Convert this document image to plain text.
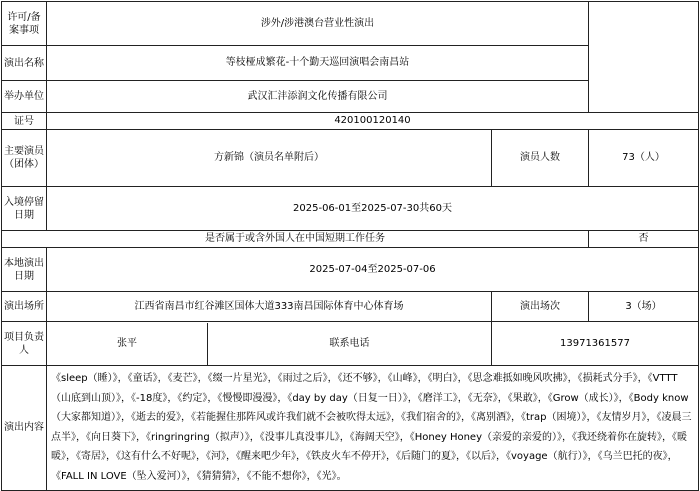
许可/备案事项	涉外/涉港澳台营业性演出		
演出名称	等枝桠成繁花-十个勤天巡回演唱会南昌站		
举办单位	武汉汇沣添润文化传播有限公司		
证号	420100120140		
主要演员（团体）	方新锦（演员名单附后）	演员人数	73（人）
入境停留日期	2025-06-01至2025-07-30共60天		
是否属于或含外国人在中国短期工作任务			否
本地演出日期	2025-07-04至2025-07-06		
演出场所	江西省南昌市红谷滩区国体大道333南昌国际体育中心体育场	演出场次	3（场）
项目负责人	张平 联系电话	13971361577	
演出内容	《sleep（睡）》，《童话》，《麦芒》，《缀一片星光》，《雨过之后》，《还不够》，《山峰》，《明白》，《思念难抵如晚风吹拂》，《损耗式分手》，《VTTT（山底到山顶）》，《-18度》，《约定》，《慢慢即漫漫》，《day by day（日复一日）》，《磨洋工》，《无奈》，《果敢》，《Grow（成长）》，《Body know（大家都知道）》，《逝去的爱》，《若能握住那阵风或许我们就不会被吹得太远》，《我们宿舍的》，《离别酒》，《trap（困境）》，《友情岁月》，《凌晨三点半》，《向日葵下》，《ringringring（拟声）》，《没事儿真没事儿》，《海阔天空》，《Honey Honey（亲爱的亲爱的）》，《我还绕着你在旋转》，《暖暖》，《寄居》，《这有什么不好呢》，《河》，《醒来吧少年》，《铁皮火车不停开》，《后随门的夏》，《以后》，《voyage（航行）》，《乌兰巴托的夜》，《FALL IN LOVE（坠入爱河）》，《猜猜猜》，《不能不想你》，《光》。		
